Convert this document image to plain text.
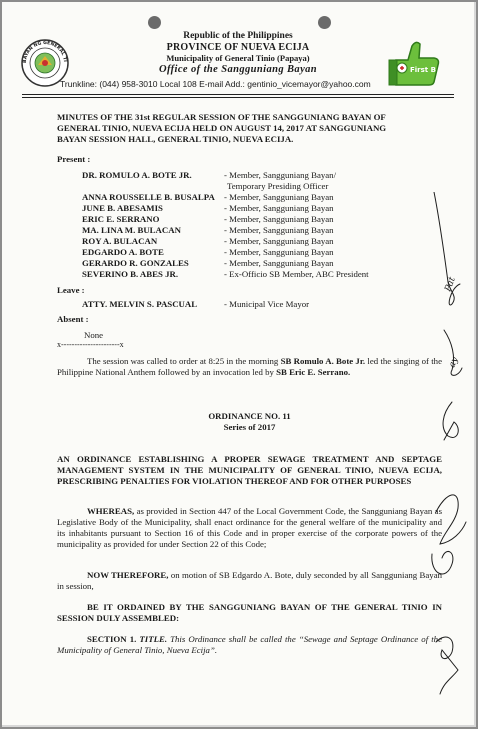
BAYAN NG GENERAL TI
First B
Republic of the Philippines
PROVINCE OF NUEVA ECIJA
Municipality of General Tinio (Papaya)
Office of the Sangguniang Bayan
Trunkline: (044) 958-3010 Local 108 E-mail Add.: gentinio_vicemayor@yahoo.com
MINUTES OF THE 31st REGULAR SESSION OF THE SANGGUNIANG BAYAN OF
GENERAL TINIO, NUEVA ECIJA HELD ON AUGUST 14, 2017 AT SANGGUNIANG
BAYAN SESSION HALL, GENERAL TINIO, NUEVA ECIJA.
Present :
DR. ROMULO A. BOTE JR.	- Member, Sangguniang Bayan/
Temporary Presiding Officer
ANNA ROUSSELLE B. BUSALPA - Member, Sangguniang Bayan
JUNE B. ABESAMIS	- Member, Sangguniang Bayan
ERIC E. SERRANO	- Member, Sangguniang Bayan
MA. LINA M. BULACAN	- Member, Sangguniang Bayan
ROY A. BULACAN	- Member, Sangguniang Bayan
EDGARDO A. BOTE	- Member, Sangguniang Bayan
GERARDO R. GONZALES	- Member, Sangguniang Bayan
SEVERINO B. ABES JR.	- Ex-Officio SB Member, ABC President
Leave :
ATTY. MELVIN S. PASCUAL	- Municipal Vice Mayor
Absent :
None
x----------------------x
The session was called to order at 8:25 in the morning SB Romulo A. Bote Jr. led the singing of the Philippine National Anthem followed by an invocation led by SB Eric E. Serrano.
ORDINANCE NO. 11
Series of 2017
AN ORDINANCE ESTABLISHING A PROPER SEWAGE TREATMENT AND SEPTAGE MANAGEMENT SYSTEM IN THE MUNICIPALITY OF GENERAL TINIO, NUEVA ECIJA, PRESCRIBING PENALTIES FOR VIOLATION THEREOF AND FOR OTHER PURPOSES
WHEREAS, as provided in Section 447 of the Local Government Code, the Sangguniang Bayan as Legislative Body of the Municipality, shall enact ordinance for the general welfare of the municipality and its inhabitants pursuant to Section 16 of this Code and in proper exercise of the corporate powers of the municipality as provided for under Section 22 of this Code;
NOW THEREFORE, on motion of SB Edgardo A. Bote, duly seconded by all Sangguniang Bayan in session,
BE IT ORDAINED BY THE SANGGUNIANG BAYAN OF THE GENERAL TINIO IN SESSION DULY ASSEMBLED:
SECTION 1. TITLE. This Ordinance shall be called the “Sewage and Septage Ordinance of the Municipality of General Tinio, Nueva Ecija”.
Pat
ay
